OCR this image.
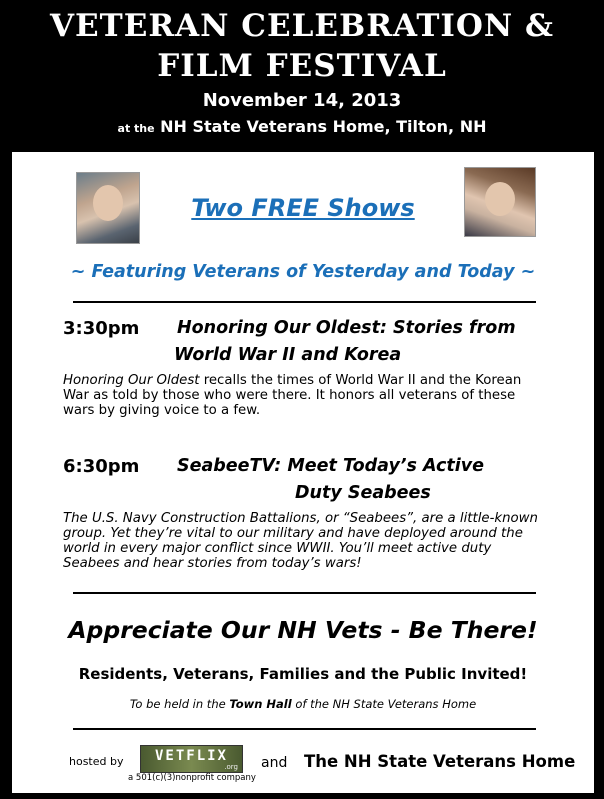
VETERAN CELEBRATION &
FILM FESTIVAL
November 14, 2013
at the NH State Veterans Home, Tilton, NH
Two FREE Shows
~ Featuring Veterans of Yesterday and Today ~
3:30pm Honoring Our Oldest: Stories from
World War II and Korea
Honoring Our Oldest recalls the times of World War II and the Korean War as told by those who were there. It honors all veterans of these wars by giving voice to a few.
6:30pm SeabeeTV: Meet Today’s Active
Duty Seabees
The U.S. Navy Construction Battalions, or “Seabees”, are a little-known group. Yet they’re vital to our military and have deployed around the world in every major conflict since WWII. You’ll meet active duty Seabees and hear stories from today’s wars!
Appreciate Our NH Vets - Be There!
Residents, Veterans, Families and the Public Invited!
To be held in the Town Hall of the NH State Veterans Home
hosted by	VETFLIX
.org
a 501(c)(3)nonprofit company
and The NH State Veterans Home
